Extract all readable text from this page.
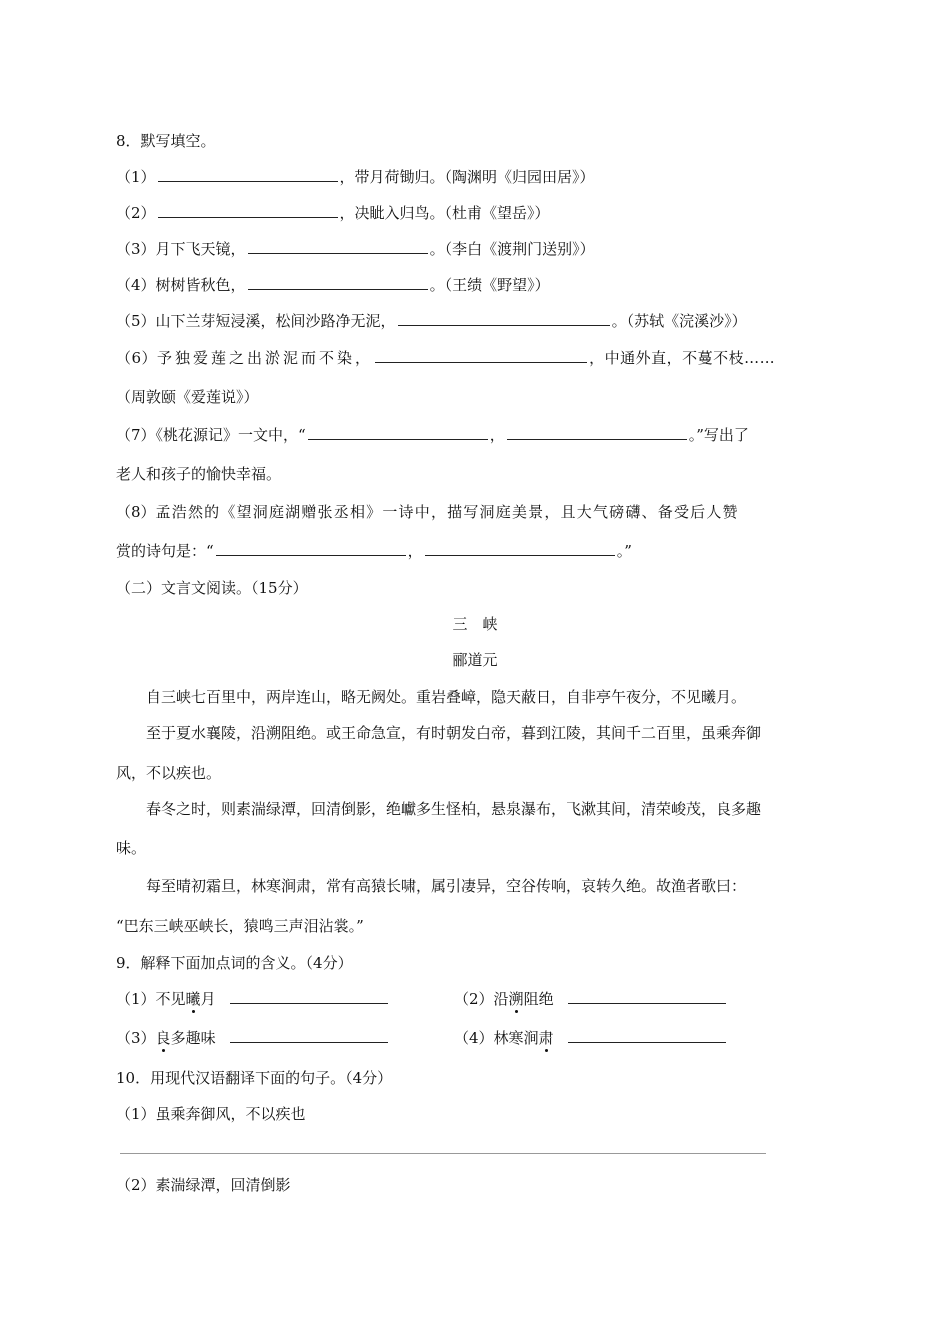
8．默写填空。
（1）	，带月荷锄归。（陶渊明《归园田居》）
（2）	，决眦入归鸟。（杜甫《望岳》）
（3）月下飞天镜，	。（李白《渡荆门送别》）
（4）树树皆秋色，	。（王绩《野望》）
（5）山下兰芽短浸溪，松间沙路净无泥，	。（苏轼《浣溪沙》）
（6）予独爱莲之出淤泥而不染，	，中通外直，不蔓不枝……
（周敦颐《爱莲说》）
（7）《桃花源记》一文中，“	，	。”写出了
老人和孩子的愉快幸福。
（8）孟浩然的《望洞庭湖赠张丞相》一诗中，描写洞庭美景，且大气磅礴、备受后人赞
赏的诗句是：“	，	。”
（二）文言文阅读。（15分）
三　峡
郦道元
自三峡七百里中，两岸连山，略无阙处。重岩叠嶂，隐天蔽日，自非亭午夜分，不见曦月。
至于夏水襄陵，沿溯阻绝。或王命急宣，有时朝发白帝，暮到江陵，其间千二百里，虽乘奔御
风，不以疾也。
春冬之时，则素湍绿潭，回清倒影，绝巘多生怪柏，悬泉瀑布，飞漱其间，清荣峻茂，良多趣
味。
每至晴初霜旦，林寒涧肃，常有高猿长啸，属引凄异，空谷传响，哀转久绝。故渔者歌曰：
“巴东三峡巫峡长，猿鸣三声泪沾裳。”
9．解释下面加点词的含义。（4分）
（1）不见曦月	（2）沿溯阻绝
（3）良多趣味	（4）林寒涧肃
10．用现代汉语翻译下面的句子。（4分）
（1）虽乘奔御风，不以疾也
（2）素湍绿潭，回清倒影
